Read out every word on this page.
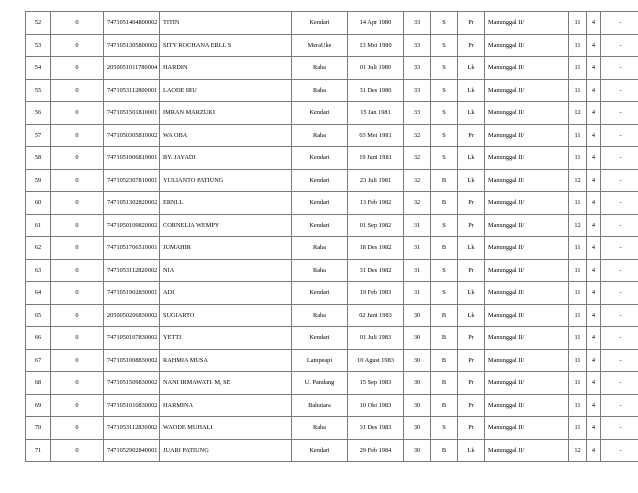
52	0	7471051404800002	TITIN	Kendari	14 Apr 1980	33	S	Pr	Manunggal II/	11	4	-
53	0	7471051305800002	SITY ROCHANA ERLL S	MeraUke	13 Mei 1980	33	S	Pr	Manunggal II/	11	4	-
54	0	2050051011780004	HARDIN	Raha	01 Juli 1980	33	S	Lk	Manunggal II/	11	4	-
55	0	7471053112800001	LAODE IRU	Raha	31 Des 1980	33	S	Lk	Manunggal II/	11	4	-
56	0	7471051501810001	IMRAN MARZUKI	Kendari	15 Jan 1981	33	S	Lk	Manunggal II/	12	4	-
57	0	7471050305810002	WA OBA	Raha	03 Mei 1981	32	S	Pr	Manunggal II/	11	4	-
58	0	7471051906810001	BY. JAYADI	Kendari	19 Juni 1981	32	S	Lk	Manunggal II/	11	4	-
59	0	7471052307810001	YULIANTO PATIUNG	Kendari	23 Juli 1981	32	B	Lk	Manunggal II/	12	4	-
60	0	7471051302820002	ERNI.L	Kendari	13 Feb 1982	32	B	Pr	Manunggal II/	11	4	-
61	0	7471050109820002	CORNELIA WEMPY	Kendari	01 Sep 1982	31	S	Pr	Manunggal II/	12	4	-
62	0	7471051706510001	JUMAHIR	Raha	18 Des 1982	31	B	Lk	Manunggal II/	11	4	-
63	0	7471053112820002	NIA	Raha	31 Des 1982	31	S	Pr	Manunggal II/	11	4	-
64	0	7471051902830001	ADI	Kendari	19 Feb 1983	31	S	Lk	Manunggal II/	11	4	-
65	0	2050050206830002	SUGIARTO	Raha	02 Juni 1983	30	B	Lk	Manunggal II/	11	4	-
66	0	7471050107830002	YETTI	Kendari	01 Juli 1983	30	B	Pr	Manunggal II/	11	4	-
67	0	7471051008830002	RAHMIA MUSA	Lampeapi	10 Agust 1983	30	B	Pr	Manunggal II/	11	4	-
68	0	7471051509830002	NANI IRMAWATI. M, SE	U. Pandang	15 Sep 1983	30	B	Pr	Manunggal II/	11	4	-
69	0	7471051010830002	HARMINA	Bahutara	10 Okt 1983	30	B	Pr	Manunggal II/	11	4	-
70	0	7471053112830002	WAODE MUHALI	Raha	31 Des 1983	30	S	Pr	Manunggal II/	11	4	-
71	0	7471052902840001	JUARI PATIUNG	Kendari	29 Feb 1984	30	B	Lk	Manunggal II/	12	4	-
